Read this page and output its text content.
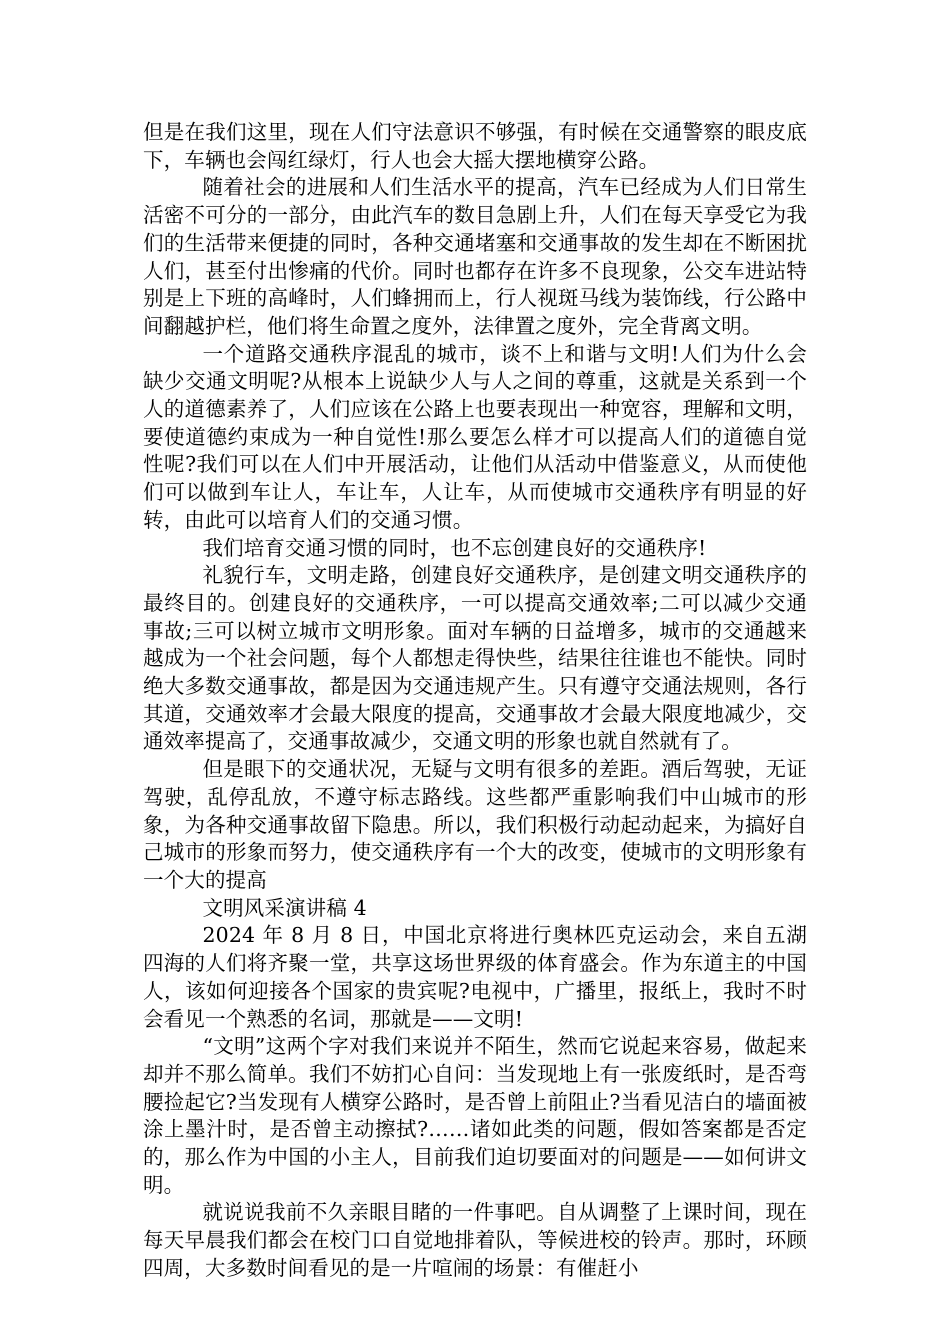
但是在我们这里，现在人们守法意识不够强，有时候在交通警察的眼皮底下，车辆也会闯红绿灯，行人也会大摇大摆地横穿公路。

随着社会的进展和人们生活水平的提高，汽车已经成为人们日常生活密不可分的一部分，由此汽车的数目急剧上升，人们在每天享受它为我们的生活带来便捷的同时，各种交通堵塞和交通事故的发生却在不断困扰人们，甚至付出惨痛的代价。同时也都存在许多不良现象，公交车进站特别是上下班的高峰时，人们蜂拥而上，行人视斑马线为装饰线，行公路中间翻越护栏，他们将生命置之度外，法律置之度外，完全背离文明。

一个道路交通秩序混乱的城市，谈不上和谐与文明!人们为什么会缺少交通文明呢?从根本上说缺少人与人之间的尊重，这就是关系到一个人的道德素养了，人们应该在公路上也要表现出一种宽容，理解和文明，要使道德约束成为一种自觉性!那么要怎么样才可以提高人们的道德自觉性呢?我们可以在人们中开展活动，让他们从活动中借鉴意义，从而使他们可以做到车让人，车让车，人让车，从而使城市交通秩序有明显的好转，由此可以培育人们的交通习惯。

我们培育交通习惯的同时，也不忘创建良好的交通秩序!

礼貌行车，文明走路，创建良好交通秩序，是创建文明交通秩序的最终目的。创建良好的交通秩序，一可以提高交通效率;二可以减少交通事故;三可以树立城市文明形象。面对车辆的日益增多，城市的交通越来越成为一个社会问题，每个人都想走得快些，结果往往谁也不能快。同时绝大多数交通事故，都是因为交通违规产生。只有遵守交通法规则，各行其道，交通效率才会最大限度的提高，交通事故才会最大限度地减少，交通效率提高了，交通事故减少，交通文明的形象也就自然就有了。

但是眼下的交通状况，无疑与文明有很多的差距。酒后驾驶，无证驾驶，乱停乱放，不遵守标志路线。这些都严重影响我们中山城市的形象，为各种交通事故留下隐患。所以，我们积极行动起动起来，为搞好自己城市的形象而努力，使交通秩序有一个大的改变，使城市的文明形象有一个大的提高

文明风采演讲稿 4

2024 年 8 月 8 日，中国北京将进行奥林匹克运动会，来自五湖四海的人们将齐聚一堂，共享这场世界级的体育盛会。作为东道主的中国人，该如何迎接各个国家的贵宾呢?电视中，广播里，报纸上，我时不时会看见一个熟悉的名词，那就是——文明!

“文明”这两个字对我们来说并不陌生，然而它说起来容易，做起来却并不那么简单。我们不妨扪心自问：当发现地上有一张废纸时，是否弯腰捡起它?当发现有人横穿公路时，是否曾上前阻止?当看见洁白的墙面被涂上墨汁时，是否曾主动擦拭?……诸如此类的问题，假如答案都是否定的，那么作为中国的小主人，目前我们迫切要面对的问题是——如何讲文明。

就说说我前不久亲眼目睹的一件事吧。自从调整了上课时间，现在每天早晨我们都会在校门口自觉地排着队，等候进校的铃声。那时，环顾四周，大多数时间看见的是一片喧闹的场景：有催赶小
